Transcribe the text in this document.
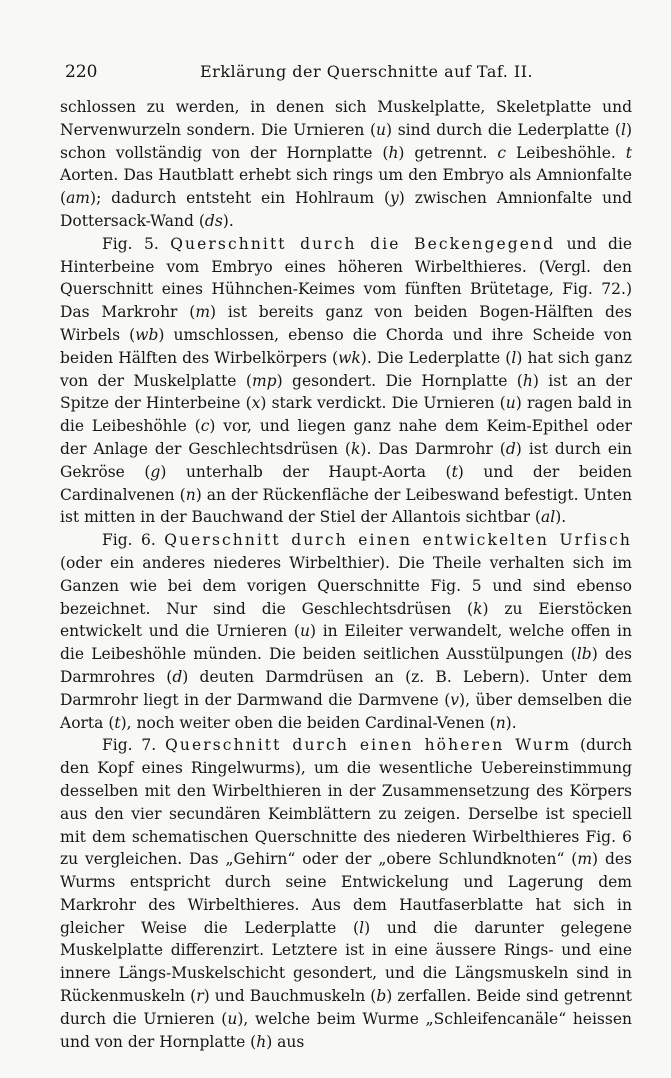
220	Erklärung der Querschnitte auf Taf. II.

schlossen zu werden, in denen sich Muskelplatte, Skeletplatte und Nervenwurzeln sondern. Die Urnieren (u) sind durch die Lederplatte (l) schon vollständig von der Hornplatte (h) getrennt. c Leibeshöhle. t Aorten. Das Hautblatt erhebt sich rings um den Embryo als Amnionfalte (am); dadurch entsteht ein Hohlraum (y) zwischen Amnionfalte und Dottersack-Wand (ds).

Fig. 5. Querschnitt durch die Beckengegend und die Hinterbeine vom Embryo eines höheren Wirbelthieres. (Vergl. den Querschnitt eines Hühnchen-Keimes vom fünften Brütetage, Fig. 72.) Das Markrohr (m) ist bereits ganz von beiden Bogen-Hälften des Wirbels (wb) umschlossen, ebenso die Chorda und ihre Scheide von beiden Hälften des Wirbelkörpers (wk). Die Lederplatte (l) hat sich ganz von der Muskelplatte (mp) gesondert. Die Hornplatte (h) ist an der Spitze der Hinterbeine (x) stark verdickt. Die Urnieren (u) ragen bald in die Leibeshöhle (c) vor, und liegen ganz nahe dem Keim-Epithel oder der Anlage der Geschlechtsdrüsen (k). Das Darmrohr (d) ist durch ein Gekröse (g) unterhalb der Haupt-Aorta (t) und der beiden Cardinalvenen (n) an der Rückenfläche der Leibeswand befestigt. Unten ist mitten in der Bauchwand der Stiel der Allantois sichtbar (al).

Fig. 6. Querschnitt durch einen entwickelten Urfisch (oder ein anderes niederes Wirbelthier). Die Theile verhalten sich im Ganzen wie bei dem vorigen Querschnitte Fig. 5 und sind ebenso bezeichnet. Nur sind die Geschlechtsdrüsen (k) zu Eierstöcken entwickelt und die Urnieren (u) in Eileiter verwandelt, welche offen in die Leibeshöhle münden. Die beiden seitlichen Ausstülpungen (lb) des Darmrohres (d) deuten Darmdrüsen an (z. B. Lebern). Unter dem Darmrohr liegt in der Darmwand die Darmvene (v), über demselben die Aorta (t), noch weiter oben die beiden Cardinal-Venen (n).

Fig. 7. Querschnitt durch einen höheren Wurm (durch den Kopf eines Ringelwurms), um die wesentliche Uebereinstimmung desselben mit den Wirbelthieren in der Zusammensetzung des Körpers aus den vier secundären Keimblättern zu zeigen. Derselbe ist speciell mit dem schematischen Querschnitte des niederen Wirbelthieres Fig. 6 zu vergleichen. Das „Gehirn“ oder der „obere Schlundknoten“ (m) des Wurms entspricht durch seine Entwickelung und Lagerung dem Markrohr des Wirbelthieres. Aus dem Hautfaserblatte hat sich in gleicher Weise die Lederplatte (l) und die darunter gelegene Muskelplatte differenzirt. Letztere ist in eine äussere Rings- und eine innere Längs-Muskelschicht gesondert, und die Längsmuskeln sind in Rückenmuskeln (r) und Bauchmuskeln (b) zerfallen. Beide sind getrennt durch die Urnieren (u), welche beim Wurme „Schleifencanäle“ heissen und von der Hornplatte (h) aus
